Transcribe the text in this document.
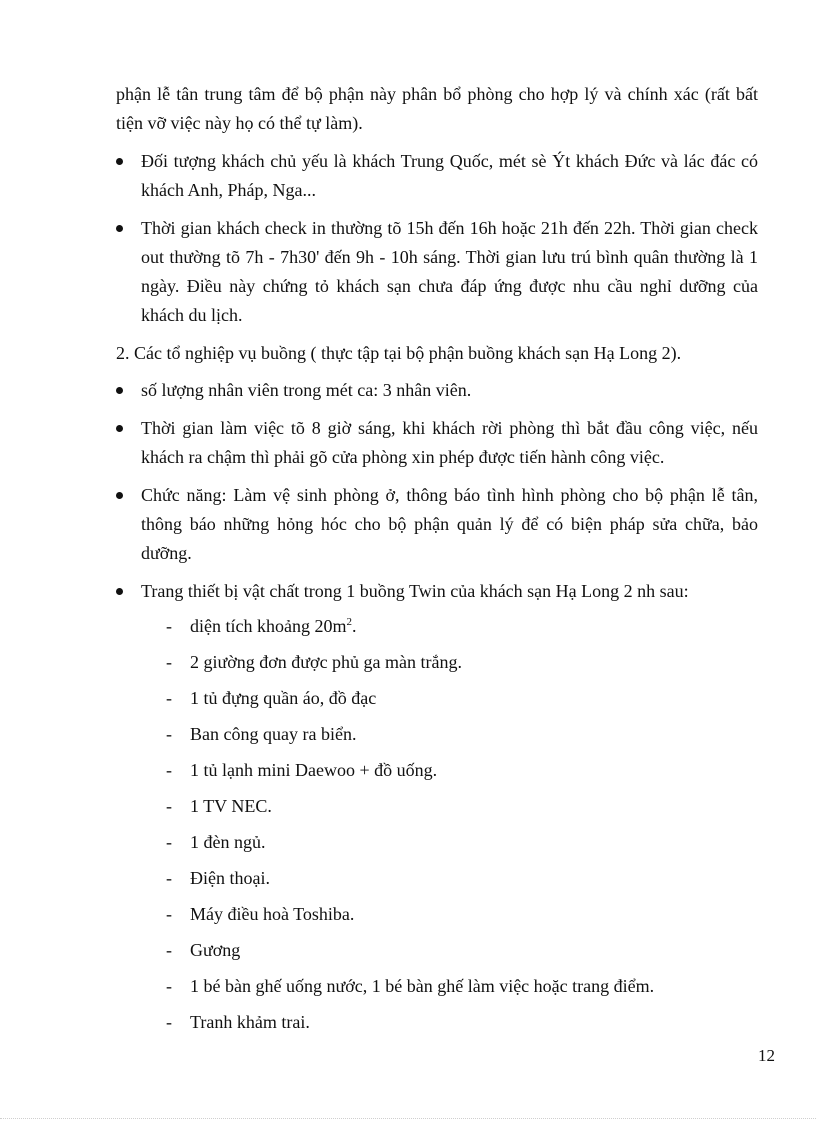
phận lễ tân trung tâm để bộ phận này phân bổ phòng cho hợp lý và chính xác (rất bất tiện vỡ việc này họ có thể tự làm).

Đối tượng khách chủ yếu là khách Trung Quốc, mét sè Ýt khách Đức và lác đác có khách Anh, Pháp, Nga...
Thời gian khách check in thường tõ 15h đến 16h hoặc 21h đến 22h. Thời gian check out thường tõ 7h - 7h30' đến 9h - 10h sáng. Thời gian lưu trú bình quân thường là 1 ngày. Điều này chứng tỏ khách sạn chưa đáp ứng được nhu cầu nghỉ dưỡng của khách du lịch.

2. Các tổ nghiệp vụ buồng ( thực tập tại bộ phận buồng khách sạn Hạ Long 2).

số lượng nhân viên trong mét ca: 3 nhân viên.
Thời gian làm việc tõ 8 giờ sáng, khi khách rời phòng thì bắt đầu công việc, nếu khách ra chậm thì phải gõ cửa phòng xin phép được tiến hành công việc.
Chức năng: Làm vệ sinh phòng ở, thông báo tình hình phòng cho bộ phận lễ tân, thông báo những hỏng hóc cho bộ phận quản lý để có biện pháp sửa chữa, bảo dưỡng.
Trang thiết bị vật chất trong 1 buồng Twin của khách sạn Hạ Long 2 nh sau:
- diện tích khoảng $20m^2$.
- 2 giường đơn được phủ ga màn trắng.
- 1 tủ đựng quần áo, đồ đạc
- Ban công quay ra biển.
- 1 tủ lạnh mini Daewoo + đồ uống.
- 1 TV NEC.
- 1 đèn ngủ.
- Điện thoại.
- Máy điều hoà Toshiba.
- Gương
- 1 bé bàn ghế uống nước, 1 bé bàn ghế làm việc hoặc trang điểm.
- Tranh khảm trai.
12
